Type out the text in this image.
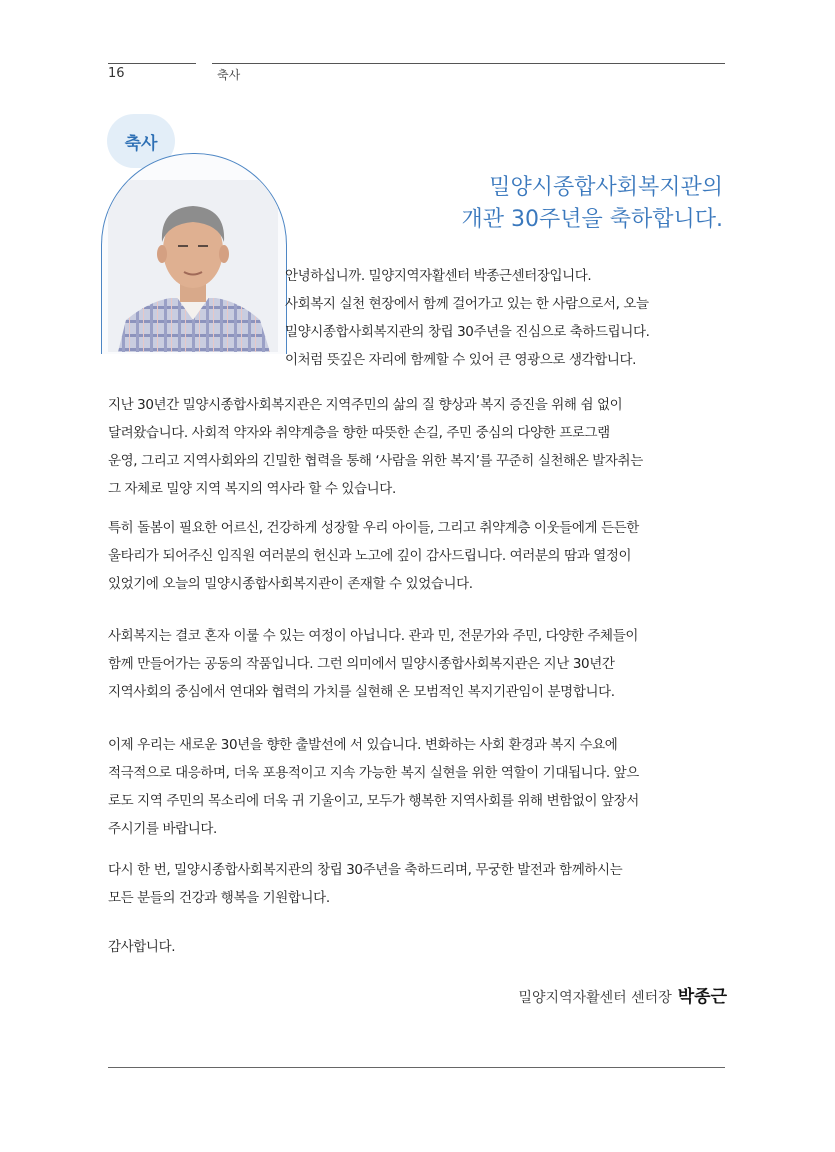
16	축사
축사
밀양시종합사회복지관의
개관 30주년을 축하합니다.
안녕하십니까. 밀양지역자활센터 박종근센터장입니다.
사회복지 실천 현장에서 함께 걸어가고 있는 한 사람으로서, 오늘
밀양시종합사회복지관의 창립 30주년을 진심으로 축하드립니다.
이처럼 뜻깊은 자리에 함께할 수 있어 큰 영광으로 생각합니다.
지난 30년간 밀양시종합사회복지관은 지역주민의 삶의 질 향상과 복지 증진을 위해 쉼 없이
달려왔습니다. 사회적 약자와 취약계층을 향한 따뜻한 손길, 주민 중심의 다양한 프로그램
운영, 그리고 지역사회와의 긴밀한 협력을 통해 ‘사람을 위한 복지’를 꾸준히 실천해온 발자취는
그 자체로 밀양 지역 복지의 역사라 할 수 있습니다.
특히 돌봄이 필요한 어르신, 건강하게 성장할 우리 아이들, 그리고 취약계층 이웃들에게 든든한
울타리가 되어주신 임직원 여러분의 헌신과 노고에 깊이 감사드립니다. 여러분의 땀과 열정이
있었기에 오늘의 밀양시종합사회복지관이 존재할 수 있었습니다.
사회복지는 결코 혼자 이룰 수 있는 여정이 아닙니다. 관과 민, 전문가와 주민, 다양한 주체들이
함께 만들어가는 공동의 작품입니다. 그런 의미에서 밀양시종합사회복지관은 지난 30년간
지역사회의 중심에서 연대와 협력의 가치를 실현해 온 모범적인 복지기관임이 분명합니다.
이제 우리는 새로운 30년을 향한 출발선에 서 있습니다. 변화하는 사회 환경과 복지 수요에
적극적으로 대응하며, 더욱 포용적이고 지속 가능한 복지 실현을 위한 역할이 기대됩니다. 앞으
로도 지역 주민의 목소리에 더욱 귀 기울이고, 모두가 행복한 지역사회를 위해 변함없이 앞장서
주시기를 바랍니다.
다시 한 번, 밀양시종합사회복지관의 창립 30주년을 축하드리며, 무궁한 발전과 함께하시는
모든 분들의 건강과 행복을 기원합니다.
감사합니다.
밀양지역자활센터 센터장 박종근
